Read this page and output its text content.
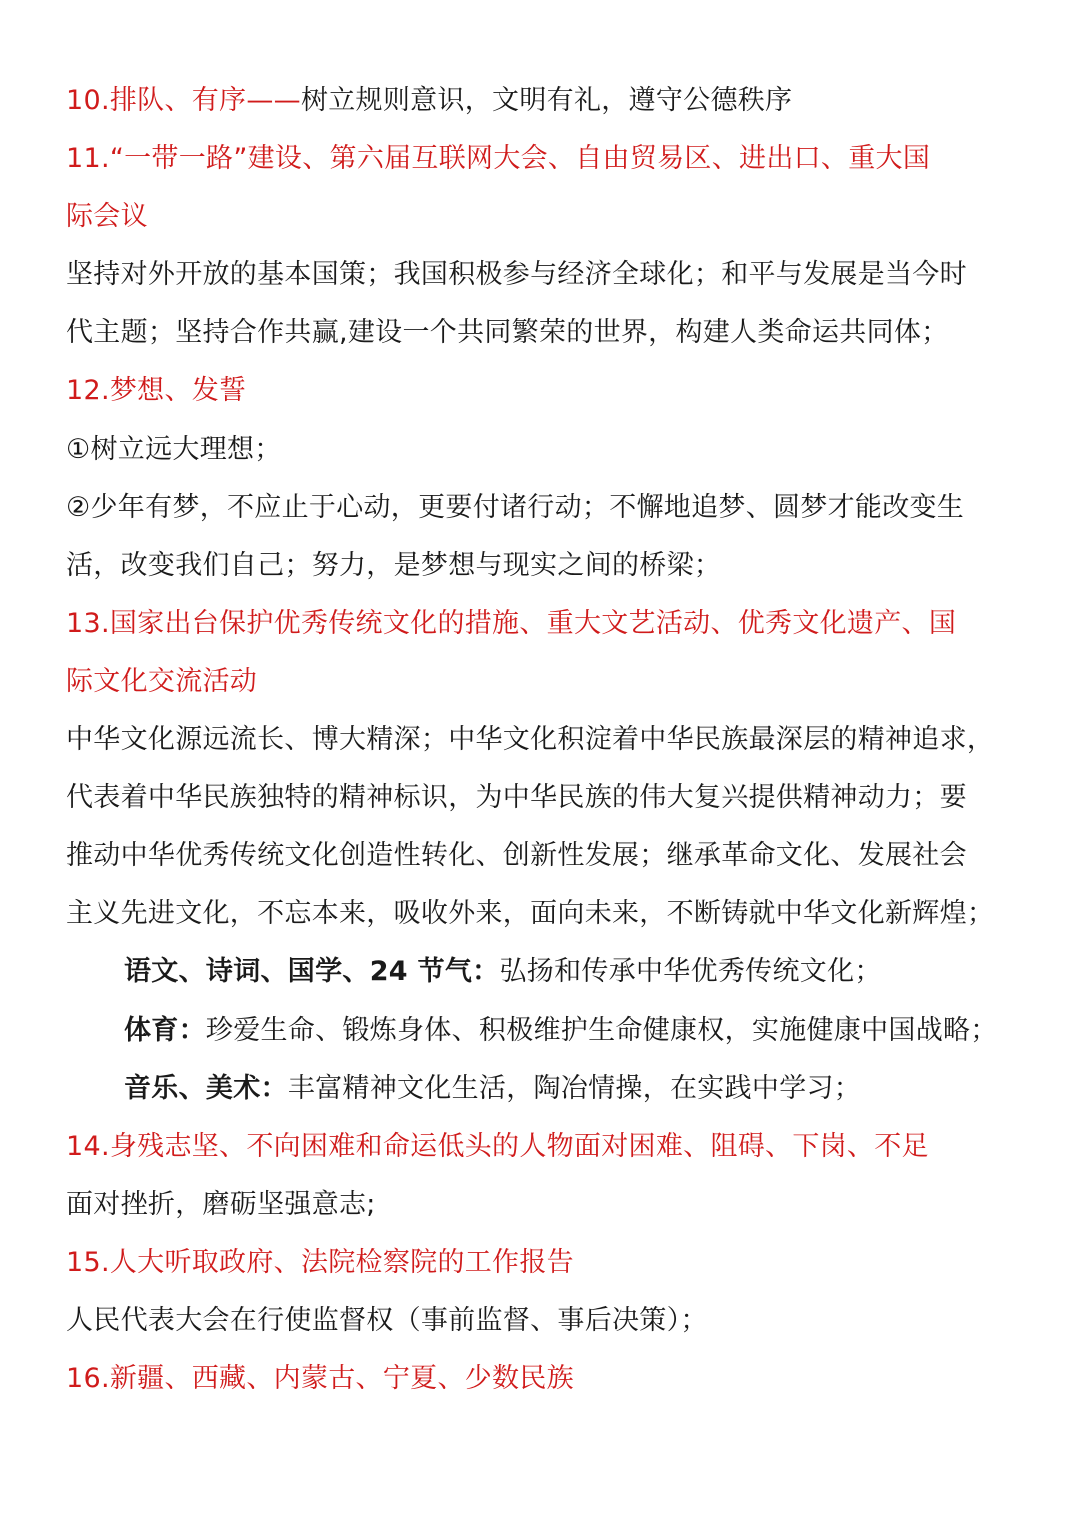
10.排队、有序——树立规则意识，文明有礼，遵守公德秩序
11.“一带一路”建设、第六届互联网大会、自由贸易区、进出口、重大国
际会议
坚持对外开放的基本国策；我国积极参与经济全球化；和平与发展是当今时
代主题；坚持合作共赢,建设一个共同繁荣的世界，构建人类命运共同体；
12.梦想、发誓
①树立远大理想；
②少年有梦，不应止于心动，更要付诸行动；不懈地追梦、圆梦才能改变生
活，改变我们自己；努力，是梦想与现实之间的桥梁；
13.国家出台保护优秀传统文化的措施、重大文艺活动、优秀文化遗产、国
际文化交流活动
中华文化源远流长、博大精深；中华文化积淀着中华民族最深层的精神追求，
代表着中华民族独特的精神标识，为中华民族的伟大复兴提供精神动力；要
推动中华优秀传统文化创造性转化、创新性发展；继承革命文化、发展社会
主义先进文化，不忘本来，吸收外来，面向未来，不断铸就中华文化新辉煌；
语文、诗词、国学、24 节气：弘扬和传承中华优秀传统文化；
体育：珍爱生命、锻炼身体、积极维护生命健康权，实施健康中国战略；
音乐、美术：丰富精神文化生活，陶冶情操，在实践中学习；
14.身残志坚、不向困难和命运低头的人物面对困难、阻碍、下岗、不足
面对挫折，磨砺坚强意志;
15.人大听取政府、法院检察院的工作报告
人民代表大会在行使监督权（事前监督、事后决策）；
16.新疆、西藏、内蒙古、宁夏、少数民族
